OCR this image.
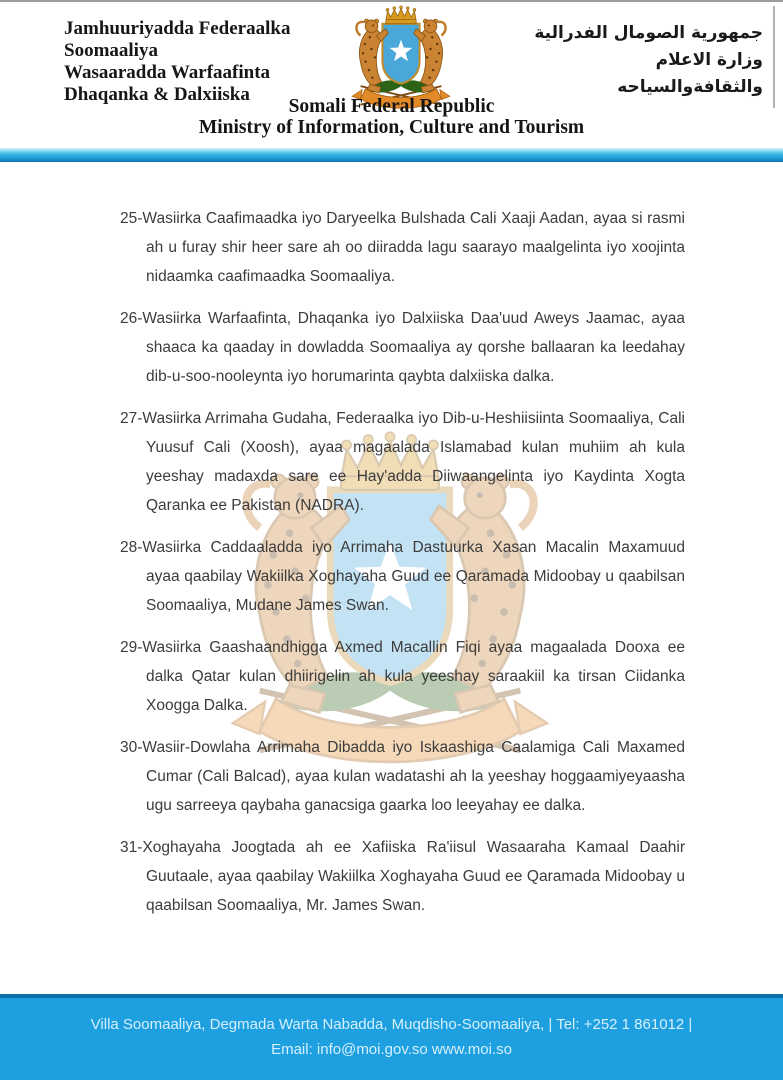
Jamhuuriyadda Federaalka
Soomaaliya
Wasaaradda Warfaafinta
Dhaqanka & Dalxiiska
جمهورية الصومال الفدرالية
وزارة الاعلام
والثقافةوالسياحه
Somali Federal Republic
Ministry of Information, Culture and Tourism
25-Wasiirka Caafimaadka iyo Daryeelka Bulshada Cali Xaaji Aadan, ayaa si rasmi ah u furay shir heer sare ah oo diiradda lagu saarayo maalgelinta iyo xoojinta nidaamka caafimaadka Soomaaliya.
26-Wasiirka Warfaafinta, Dhaqanka iyo Dalxiiska Daa'uud Aweys Jaamac, ayaa shaaca ka qaaday in dowladda Soomaaliya ay qorshe ballaaran ka leedahay dib-u-soo-nooleynta iyo horumarinta qaybta dalxiiska dalka.
27-Wasiirka Arrimaha Gudaha, Federaalka iyo Dib-u-Heshiisiinta Soomaaliya, Cali Yuusuf Cali (Xoosh), ayaa magaalada Islamabad kulan muhiim ah kula yeeshay madaxda sare ee Hay'adda Diiwaangelinta iyo Kaydinta Xogta Qaranka ee Pakistan (NADRA).
28-Wasiirka Caddaaladda iyo Arrimaha Dastuurka Xasan Macalin Maxamuud ayaa qaabilay Wakiilka Xoghayaha Guud ee Qaramada Midoobay u qaabilsan Soomaaliya, Mudane James Swan.
29-Wasiirka Gaashaandhigga Axmed Macallin Fiqi ayaa magaalada Dooxa ee dalka Qatar kulan dhiirigelin ah kula yeeshay saraakiil ka tirsan Ciidanka Xoogga Dalka.
30-Wasiir-Dowlaha Arrimaha Dibadda iyo Iskaashiga Caalamiga Cali Maxamed Cumar (Cali Balcad), ayaa kulan wadatashi ah la yeeshay hoggaamiyeyaasha ugu sarreeya qaybaha ganacsiga gaarka loo leeyahay ee dalka.
31-Xoghayaha Joogtada ah ee Xafiiska Ra'iisul Wasaaraha Kamaal Daahir Guutaale, ayaa qaabilay Wakiilka Xoghayaha Guud ee Qaramada Midoobay u qaabilsan Soomaaliya, Mr. James Swan.
Villa Soomaaliya, Degmada Warta Nabadda, Muqdisho-Soomaaliya, | Tel: +252 1 861012 |
Email: info@moi.gov.so www.moi.so
